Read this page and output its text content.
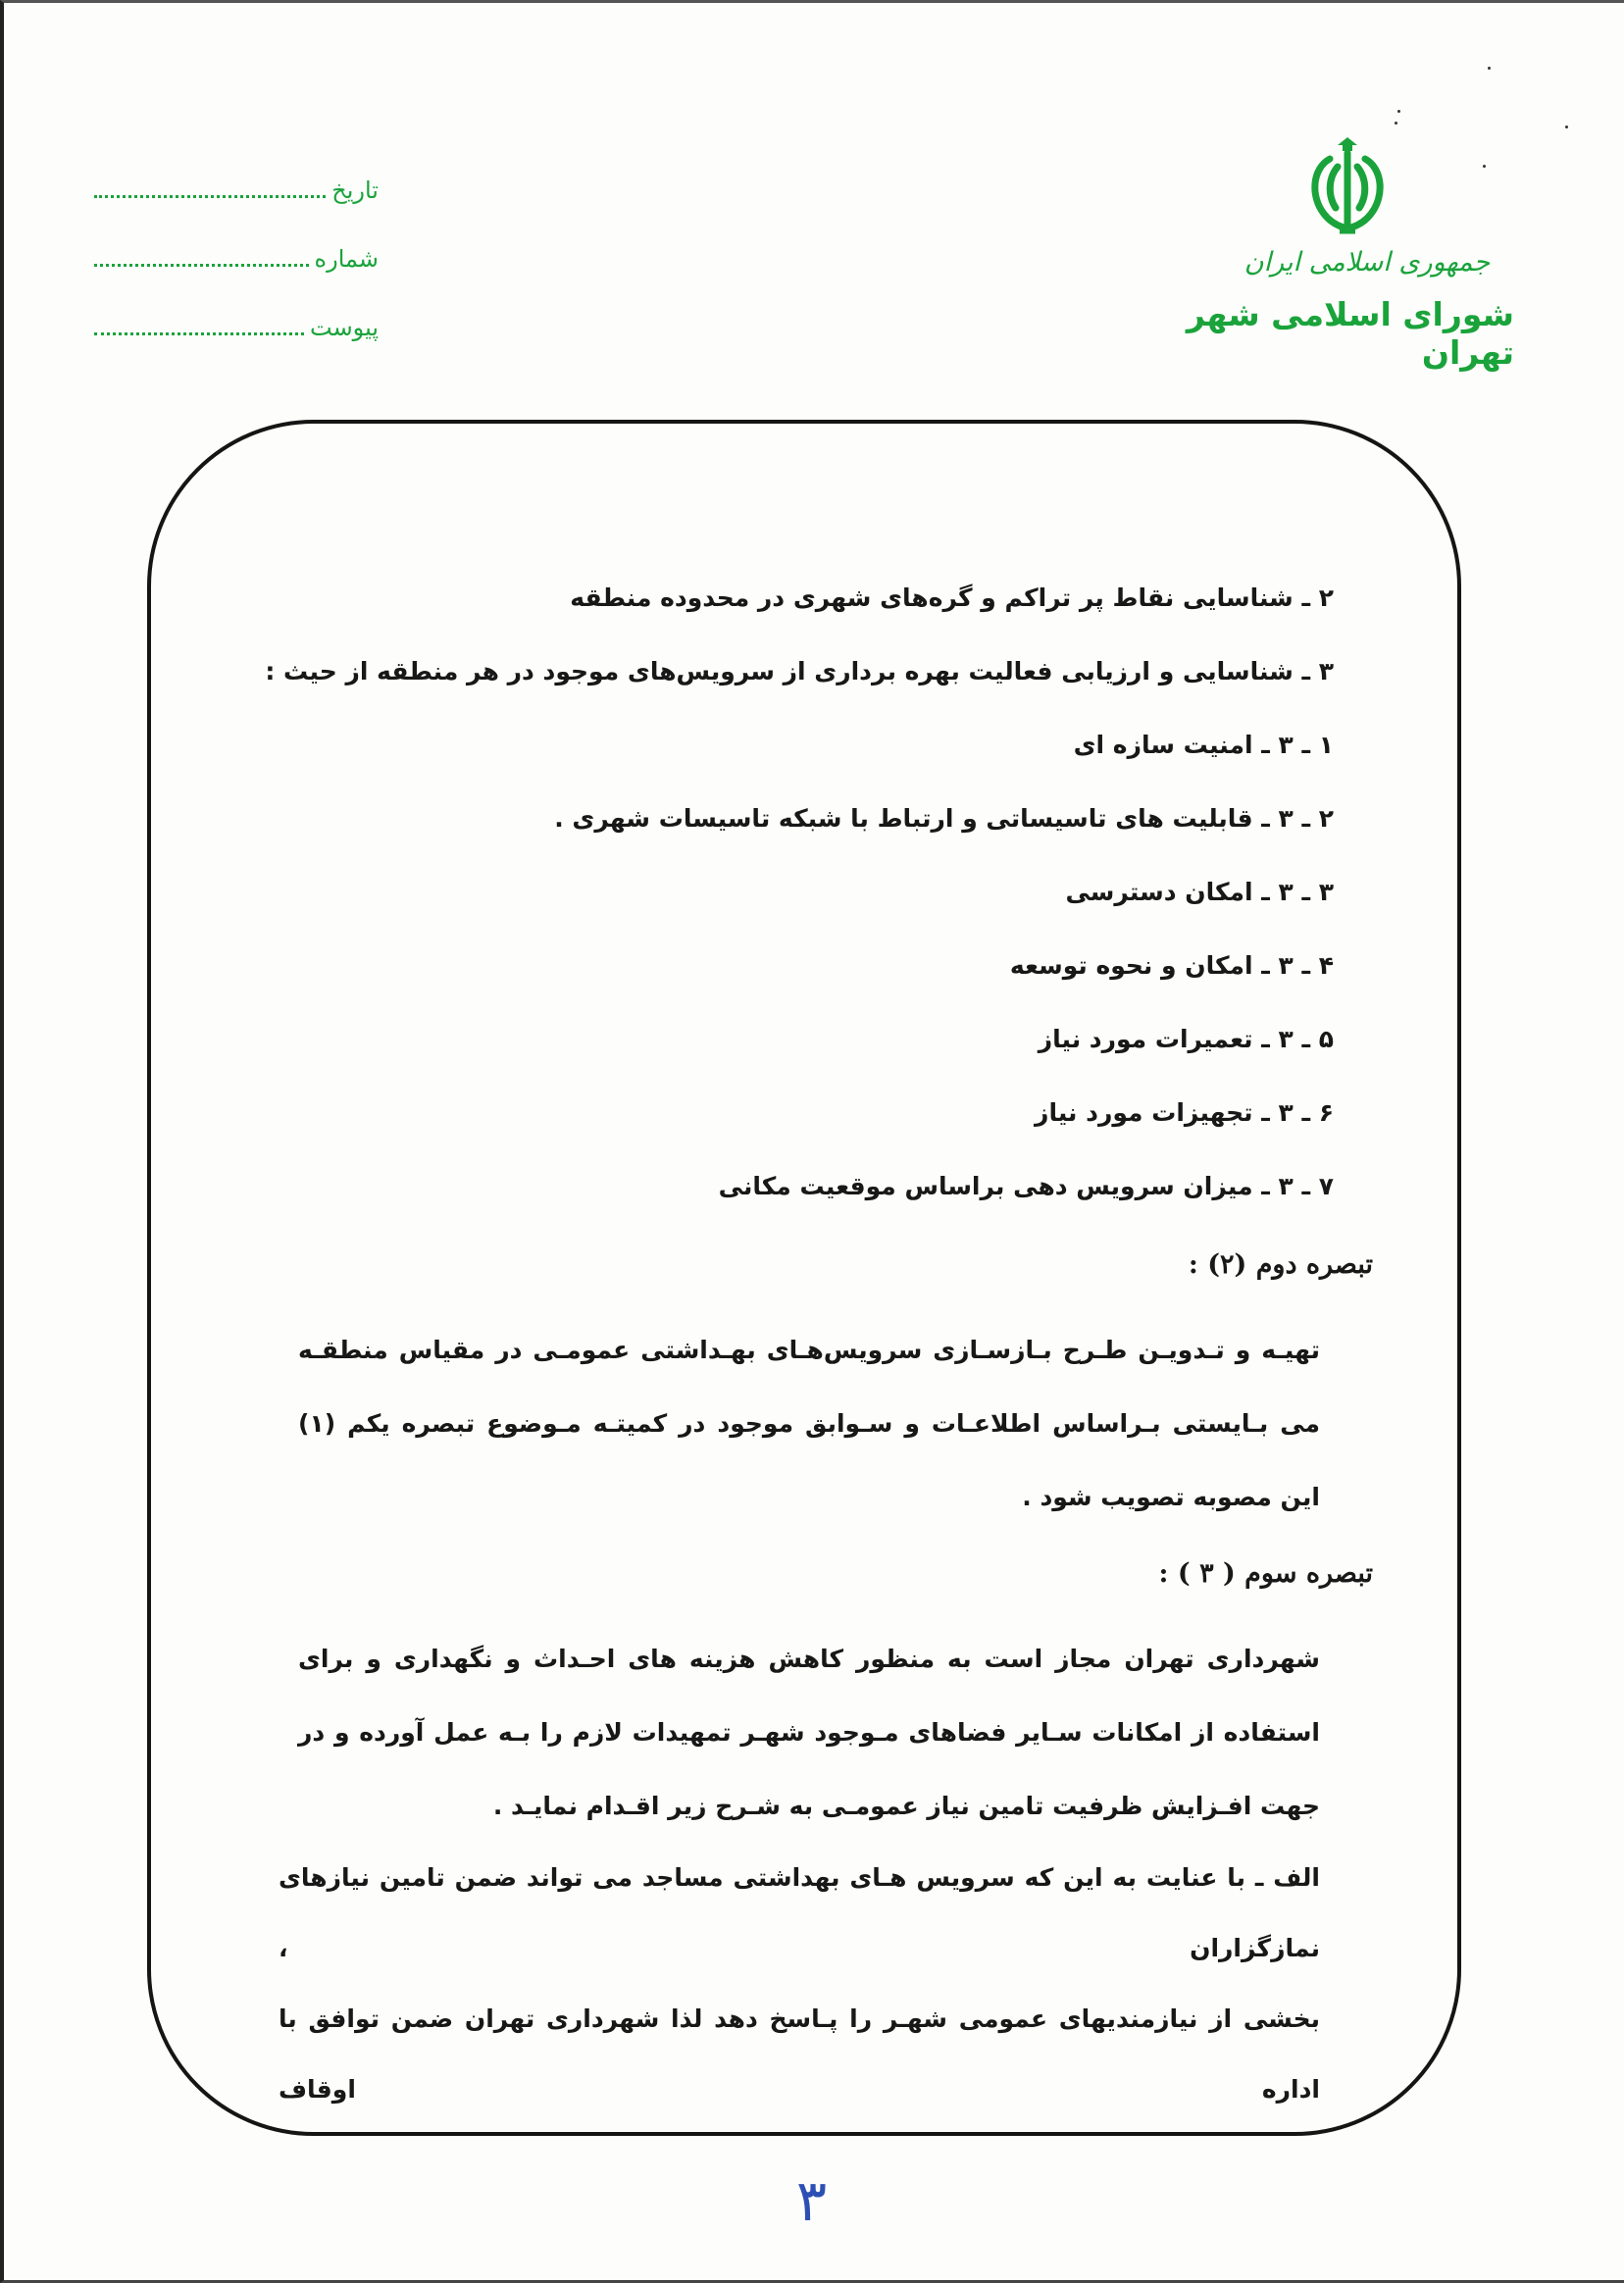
جمهوری اسلامی ایران
شورای اسلامی شهر تهران
تاریخ
شماره
پیوست
۲ ـ شناسایی نقاط پر تراکم و گره‌های شهری در محدوده منطقه
۳ ـ شناسایی و ارزیابی فعالیت بهره برداری از سرویس‌های موجود در هر منطقه از حیث :
۱ ـ ۳ ـ امنیت سازه ای
۲ ـ ۳ ـ قابلیت های تاسیساتی و ارتباط با شبکه تاسیسات شهری .
۳ ـ ۳ ـ امکان دسترسی
۴ ـ ۳ ـ امکان و نحوه توسعه
۵ ـ ۳ ـ تعمیرات مورد نیاز
۶ ـ ۳ ـ تجهیزات مورد نیاز
۷ ـ ۳ ـ میزان سرویس دهی براساس موقعیت مکانی
تبصره دوم (۲) :
تهیـه و تـدویـن طـرح بـازسـازی سرویس‌هـای بهـداشتی عمومـی در مقیاس منطقـه می بـایستی بـراساس اطلاعـات و سـوابق موجود در کمیتـه مـوضوع تبصره یکم (۱) این مصوبه تصویب شود .
تبصره سوم ( ۳ ) :
شهرداری تهران مجاز است به منظور کاهش هزینه های احـداث و نگهداری و برای استفاده از امکانات سـایر فضاهای مـوجود شهـر تمهیدات لازم را بـه عمل آورده و در جهت افـزایش ظرفیت تامین نیاز عمومـی به شـرح زیر اقـدام نمایـد .
الف ـ با عنایت به این که سرویس هـای بهداشتی مساجد می تواند ضمن تامین نیازهای نمازگزاران ،
بخشی از نیازمندیهای عمومی شهـر را پـاسخ دهد لذا شهرداری تهران ضمن توافق با اداره اوقاف
۳
